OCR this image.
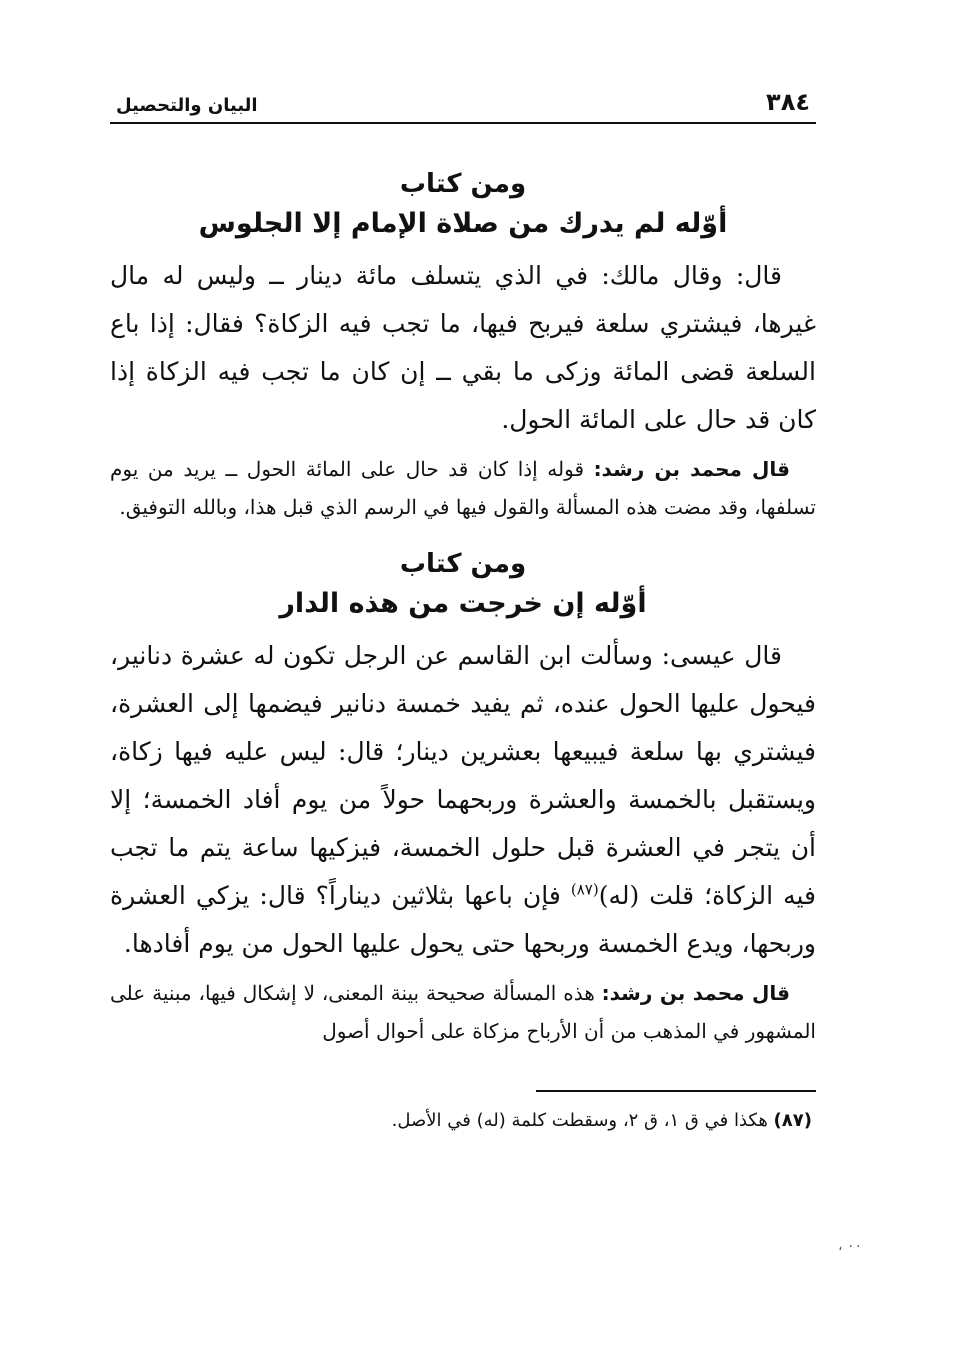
٣٨٤
البيان والتحصيل
ومن كتاب
أوّله لم يدرك من صلاة الإمام إلا الجلوس

قال: وقال مالك: في الذي يتسلف مائة دينار ــ وليس له مال غيرها، فيشتري سلعة فيربح فيها، ما تجب فيه الزكاة؟ فقال: إذا باع السلعة قضى المائة وزكى ما بقي ــ إن كان ما تجب فيه الزكاة إذا كان قد حال على المائة الحول.

قال محمد بن رشد: قوله إذا كان قد حال على المائة الحول ــ يريد من يوم تسلفها، وقد مضت هذه المسألة والقول فيها في الرسم الذي قبل هذا، وبالله التوفيق.

ومن كتاب
أوّله إن خرجت من هذه الدار

قال عيسى: وسألت ابن القاسم عن الرجل تكون له عشرة دنانير، فيحول عليها الحول عنده، ثم يفيد خمسة دنانير فيضمها إلى العشرة، فيشتري بها سلعة فيبيعها بعشرين دينار؛ قال: ليس عليه فيها زكاة، ويستقبل بالخمسة والعشرة وربحهما حولاً من يوم أفاد الخمسة؛ إلا أن يتجر في العشرة قبل حلول الخمسة، فيزكيها ساعة يتم ما تجب فيه الزكاة؛ قلت (له)$^{(٨٧)}$ فإن باعها بثلاثين ديناراً؟ قال: يزكي العشرة وربحها، ويدع الخمسة وربحها حتى يحول عليها الحول من يوم أفادها.

قال محمد بن رشد: هذه المسألة صحيحة بينة المعنى، لا إشكال فيها، مبنية على المشهور في المذهب من أن الأرباح مزكاة على أحوال أصول

(٨٧) هكذا في ق ١، ق ٢، وسقطت كلمة (له) في الأصل.

٠٠ ،
